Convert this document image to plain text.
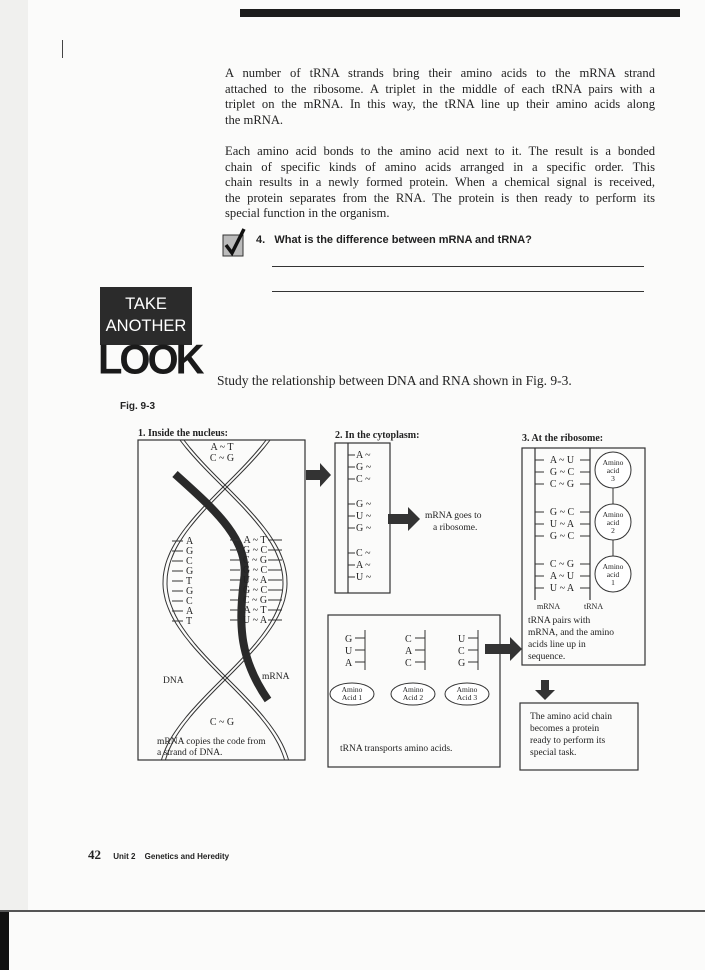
A number of tRNA strands bring their amino acids to the mRNA strand
attached to the ribosome. A triplet in the middle of each tRNA pairs with a
triplet on the mRNA. In this way, the tRNA line up their amino acids along
the mRNA.
Each amino acid bonds to the amino acid next to it. The result is a bonded
chain of specific kinds of amino acids arranged in a specific order. This
chain results in a newly formed protein. When a chemical signal is received,
the protein separates from the RNA. The protein is then ready to perform its
special function in the organism.
4. What is the difference between mRNA and tRNA?
TAKE
ANOTHER
LOOK Study the relationship between DNA and RNA shown in Fig. 9-3.
Fig. 9-3
1. Inside the nucleus:	2. In the cytoplasm:	3. At the ribosome:
A ~ T
C ~ G
A
G
C
G
T
G
C
A
T
A ~ T
G ~ C
C ~ G
G ~ C
U ~ A
G ~ C
C ~ G
A ~ T
U ~ A
C ~ G
A ~
G ~
C ~
G ~
U ~
G ~
C ~
A ~
U ~
A ~ U
G ~ C
C ~ G
G ~ C
U ~ A
G ~ C
C ~ G
A ~ U
U ~ A
Amino
acid
3
Amino
acid
2
Amino
acid
1
G
U
A
C
A
C
U
C
G
Amino
Acid 1
Amino
Acid 2
Amino
Acid 3
DNA	mRNA
mRNA copies the code from
a strand of DNA.
mRNA goes to
a ribosome.
mRNA	tRNA
tRNA pairs with
mRNA, and the amino
acids line up in
sequence.
tRNA transports amino acids.
The amino acid chain
becomes a protein
ready to perform its
special task.
42 Unit 2 Genetics and Heredity
